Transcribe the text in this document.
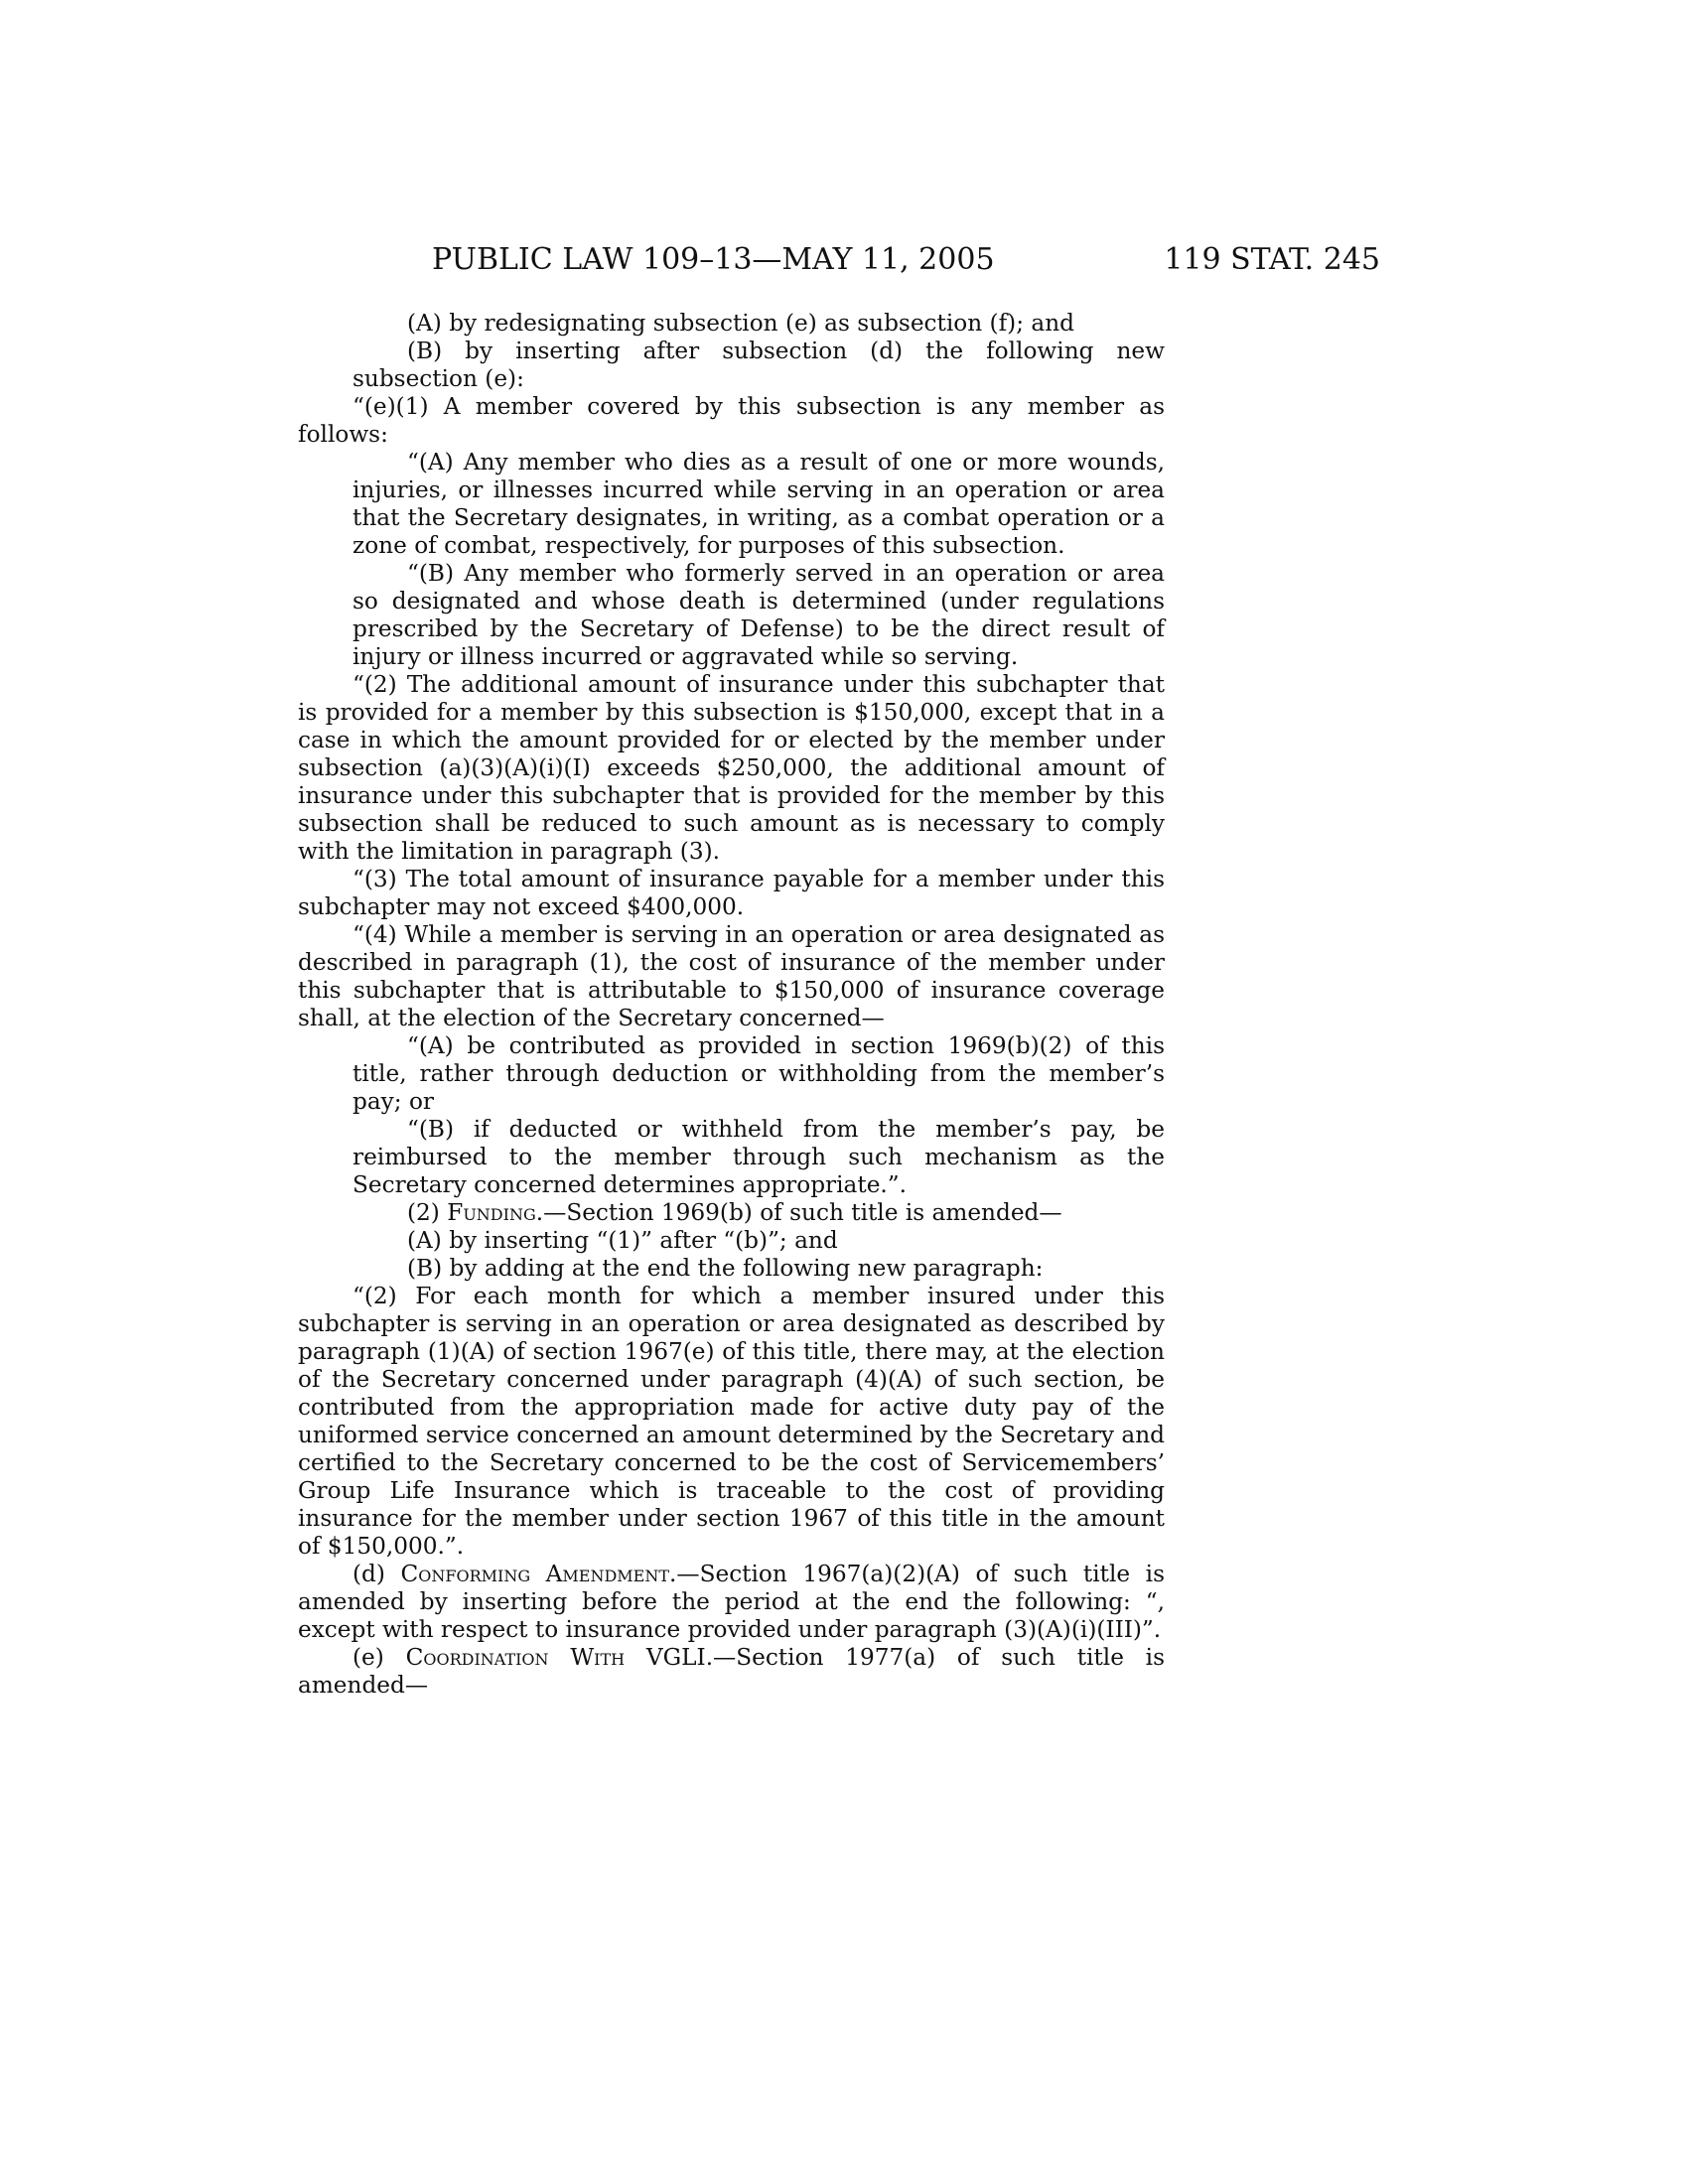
PUBLIC LAW 109–13—MAY 11, 2005	119 STAT. 245

(A) by redesignating subsection (e) as subsection (f); and

(B) by inserting after subsection (d) the following new subsection (e):

“(e)(1) A member covered by this subsection is any member as follows:

“(A) Any member who dies as a result of one or more wounds, injuries, or illnesses incurred while serving in an operation or area that the Secretary designates, in writing, as a combat operation or a zone of combat, respectively, for purposes of this subsection.

“(B) Any member who formerly served in an operation or area so designated and whose death is determined (under regulations prescribed by the Secretary of Defense) to be the direct result of injury or illness incurred or aggravated while so serving.

“(2) The additional amount of insurance under this subchapter that is provided for a member by this subsection is $150,000, except that in a case in which the amount provided for or elected by the member under subsection (a)(3)(A)(i)(I) exceeds $250,000, the additional amount of insurance under this subchapter that is provided for the member by this subsection shall be reduced to such amount as is necessary to comply with the limitation in paragraph (3).

“(3) The total amount of insurance payable for a member under this subchapter may not exceed $400,000.

“(4) While a member is serving in an operation or area designated as described in paragraph (1), the cost of insurance of the member under this subchapter that is attributable to $150,000 of insurance coverage shall, at the election of the Secretary concerned—

“(A) be contributed as provided in section 1969(b)(2) of this title, rather through deduction or withholding from the member’s pay; or

“(B) if deducted or withheld from the member’s pay, be reimbursed to the member through such mechanism as the Secretary concerned determines appropriate.”.

(2) Funding.—Section 1969(b) of such title is amended—

(A) by inserting “(1)” after “(b)”; and

(B) by adding at the end the following new paragraph:

“(2) For each month for which a member insured under this subchapter is serving in an operation or area designated as described by paragraph (1)(A) of section 1967(e) of this title, there may, at the election of the Secretary concerned under paragraph (4)(A) of such section, be contributed from the appropriation made for active duty pay of the uniformed service concerned an amount determined by the Secretary and certified to the Secretary concerned to be the cost of Servicemembers’ Group Life Insurance which is traceable to the cost of providing insurance for the member under section 1967 of this title in the amount of $150,000.”.

(d) Conforming Amendment.—Section 1967(a)(2)(A) of such title is amended by inserting before the period at the end the following: “, except with respect to insurance provided under paragraph (3)(A)(i)(III)”.

(e) Coordination With VGLI.—Section 1977(a) of such title is amended—
